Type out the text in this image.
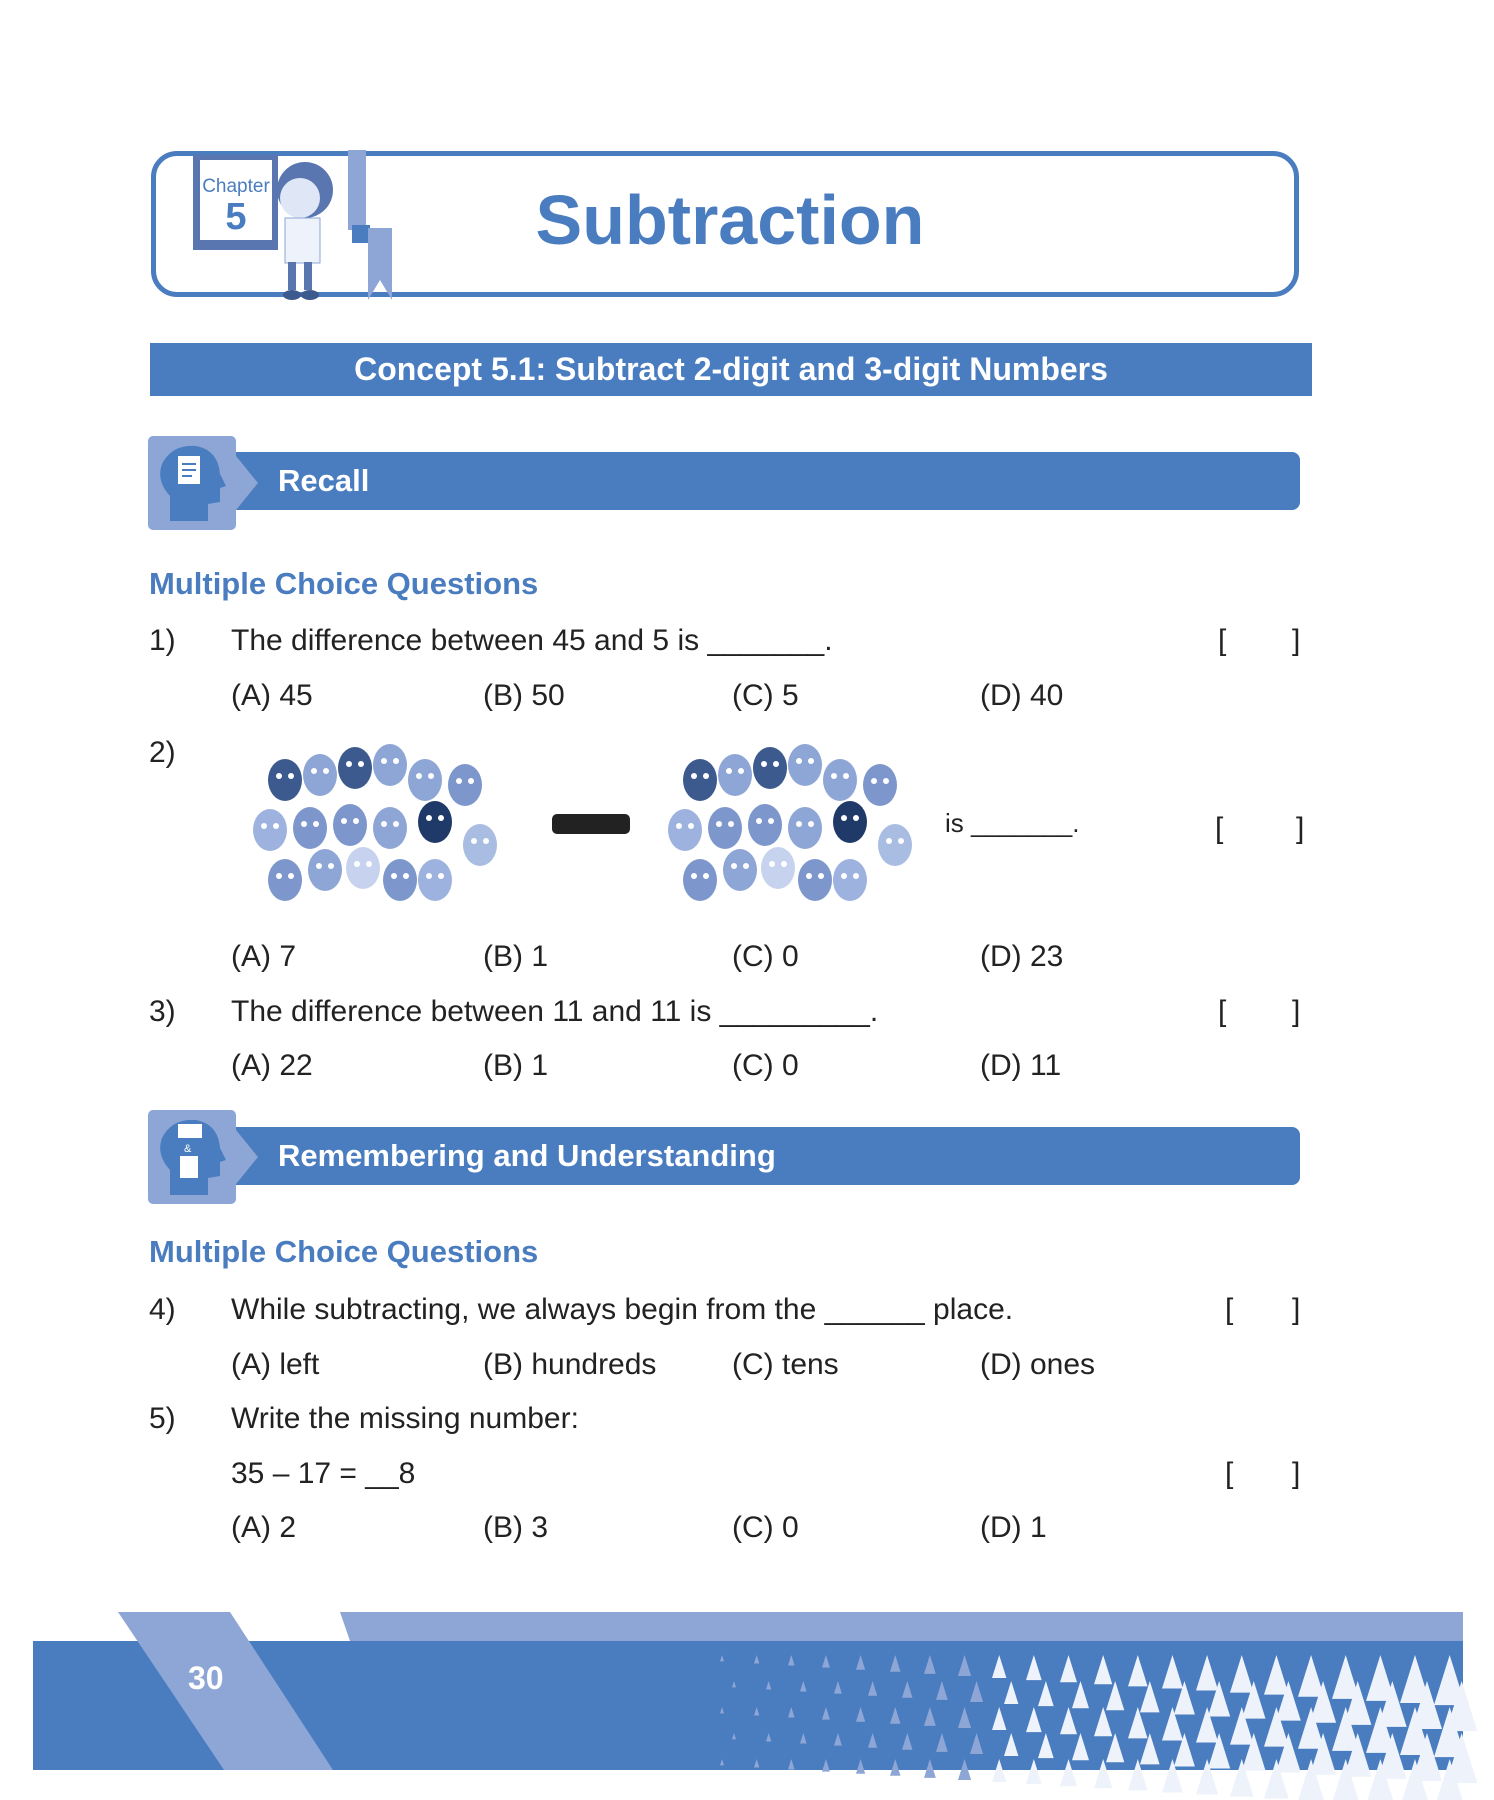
Chapter
5	Subtraction
Concept 5.1: Subtract 2-digit and 3-digit Numbers
Recall
Multiple Choice Questions
1) The difference between 45 and 5 is _______.	[ ]
(A) 45	(B) 50	(C) 5	(D) 40
2)
is _______.	[ ]
(A) 7	(B) 1	(C) 0	(D) 23
3) The difference between 11 and 11 is _________.	[ ]
(A) 22	(B) 1	(C) 0	(D) 11
Remembering and Understanding
&
Multiple Choice Questions
4) While subtracting, we always begin from the ______ place.	[ ]
(A) left	(B) hundreds	(C) tens	(D) ones
5) Write the missing number:
35 – 17 = __8	[ ]
(A) 2	(B) 3	(C) 0	(D) 1
30
